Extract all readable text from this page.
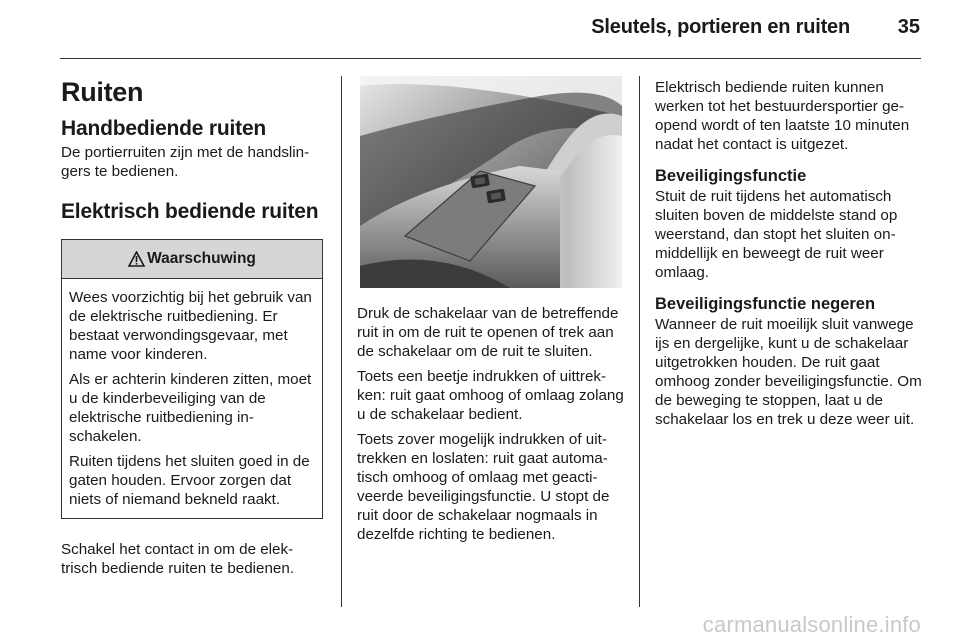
Sleutels, portieren en ruiten	35
Ruiten
Handbediende ruiten

De portierruiten zijn met de handslingers te bedienen.

Elektrisch bediende ruiten
Waarschuwing

Wees voorzichtig bij het gebruik van de elektrische ruitbediening. Er bestaat verwondingsgevaar, met name voor kinderen.

Als er achterin kinderen zitten, moet u de kinderbeveiliging van de elektrische ruitbediening inschakelen.

Ruiten tijdens het sluiten goed in de gaten houden. Ervoor zorgen dat niets of niemand bekneld raakt.

Schakel het contact in om de elektrisch bediende ruiten te bedienen.

Druk de schakelaar van de betreffende ruit in om de ruit te openen of trek aan de schakelaar om de ruit te sluiten.

Toets een beetje indrukken of uittrekken: ruit gaat omhoog of omlaag zolang u de schakelaar bedient.

Toets zover mogelijk indrukken of uittrekken en loslaten: ruit gaat automatisch omhoog of omlaag met geactiveerde beveiligingsfunctie. U stopt de ruit door de schakelaar nogmaals in dezelfde richting te bedienen.

Elektrisch bediende ruiten kunnen werken tot het bestuurdersportier geopend wordt of ten laatste 10 minuten nadat het contact is uitgezet.

Beveiligingsfunctie

Stuit de ruit tijdens het automatisch sluiten boven de middelste stand op weerstand, dan stopt het sluiten onmiddellijk en beweegt de ruit weer omlaag.

Beveiligingsfunctie negeren

Wanneer de ruit moeilijk sluit vanwege ijs en dergelijke, kunt u de schakelaar uitgetrokken houden. De ruit gaat omhoog zonder beveiligingsfunctie. Om de beweging te stoppen, laat u de schakelaar los en trek u deze weer uit.

carmanualsonline.info
